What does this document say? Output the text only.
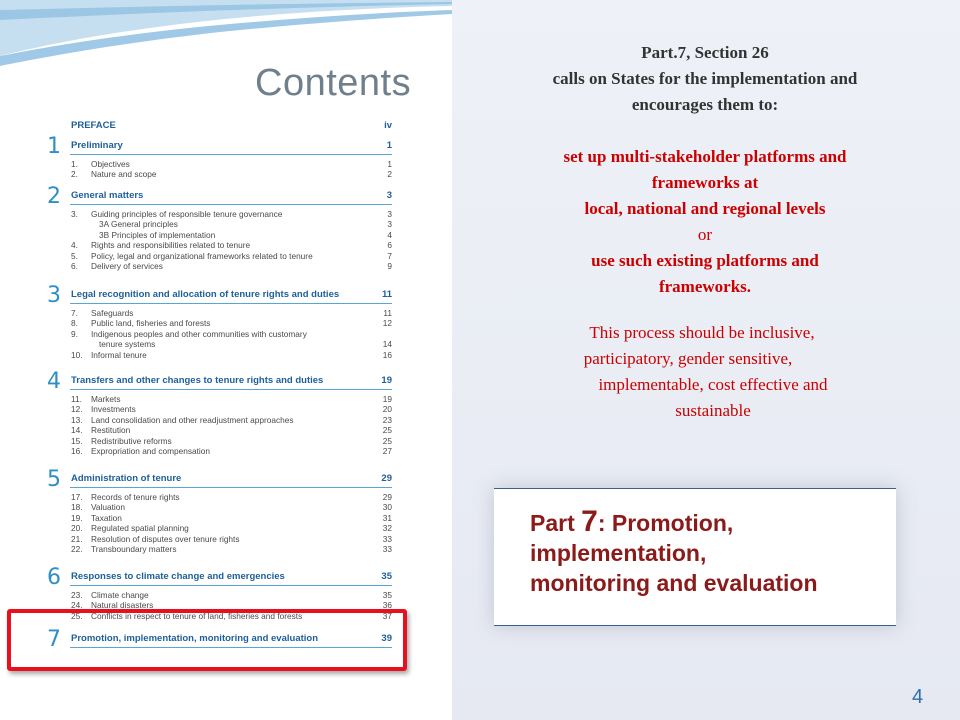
Contents
PREFACE	iv
1 Preliminary	1
1. Objectives	1
2. Nature and scope	2
2 General matters	3
3. Guiding principles of responsible tenure governance	3
3A General principles	3
3B Principles of implementation	4
4. Rights and responsibilities related to tenure	6
5. Policy, legal and organizational frameworks related to tenure	7
6. Delivery of services	9
3 Legal recognition and allocation of tenure rights and duties	11
7. Safeguards	11
8. Public land, fisheries and forests	12
9. Indigenous peoples and other communities with customary
tenure systems	14
10. Informal tenure	16
4 Transfers and other changes to tenure rights and duties	19
11. Markets	19
12. Investments	20
13. Land consolidation and other readjustment approaches	23
14. Restitution	25
15. Redistributive reforms	25
16. Expropriation and compensation	27
5 Administration of tenure	29
17. Records of tenure rights	29
18. Valuation	30
19. Taxation	31
20. Regulated spatial planning	32
21. Resolution of disputes over tenure rights	33
22. Transboundary matters	33
6 Responses to climate change and emergencies	35
23. Climate change	35
24. Natural disasters	36
25. Conflicts in respect to tenure of land, fisheries and forests	37
7 Promotion, implementation, monitoring and evaluation	39
Part.7, Section 26
calls on States for the implementation and
encourages them to:
set up multi-stakeholder platforms and
frameworks at
local, national and regional levels
or
use such existing platforms and
frameworks.
This process should be inclusive,
participatory, gender sensitive,
implementable, cost effective and
sustainable
Part 7: Promotion,
implementation,
monitoring and evaluation
4
